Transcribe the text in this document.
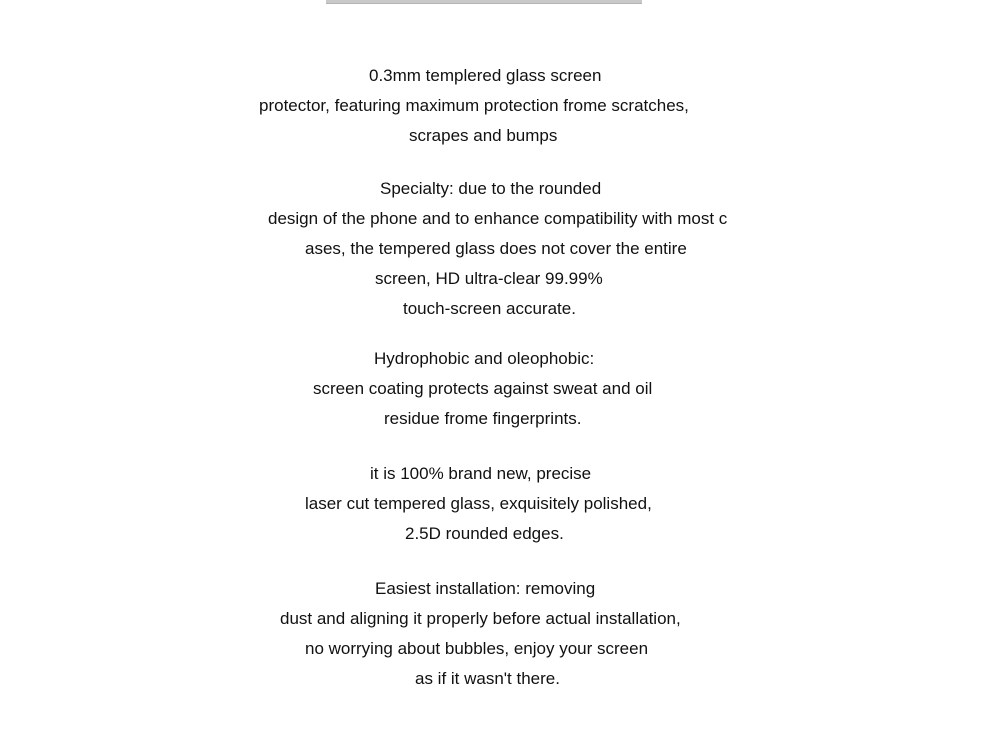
0.3mm templered glass screen
protector, featuring maximum protection frome scratches,
scrapes and bumps
Specialty: due to the rounded
design of the phone and to enhance compatibility with most c
ases, the tempered glass does not cover the entire
screen, HD ultra-clear 99.99%
touch-screen accurate.
Hydrophobic and oleophobic:
screen coating protects against sweat and oil
residue frome fingerprints.
it is 100% brand new, precise
laser cut tempered glass, exquisitely polished,
2.5D rounded edges.
Easiest installation: removing
dust and aligning it properly before actual installation,
no worrying about bubbles, enjoy your screen
as if it wasn't there.
